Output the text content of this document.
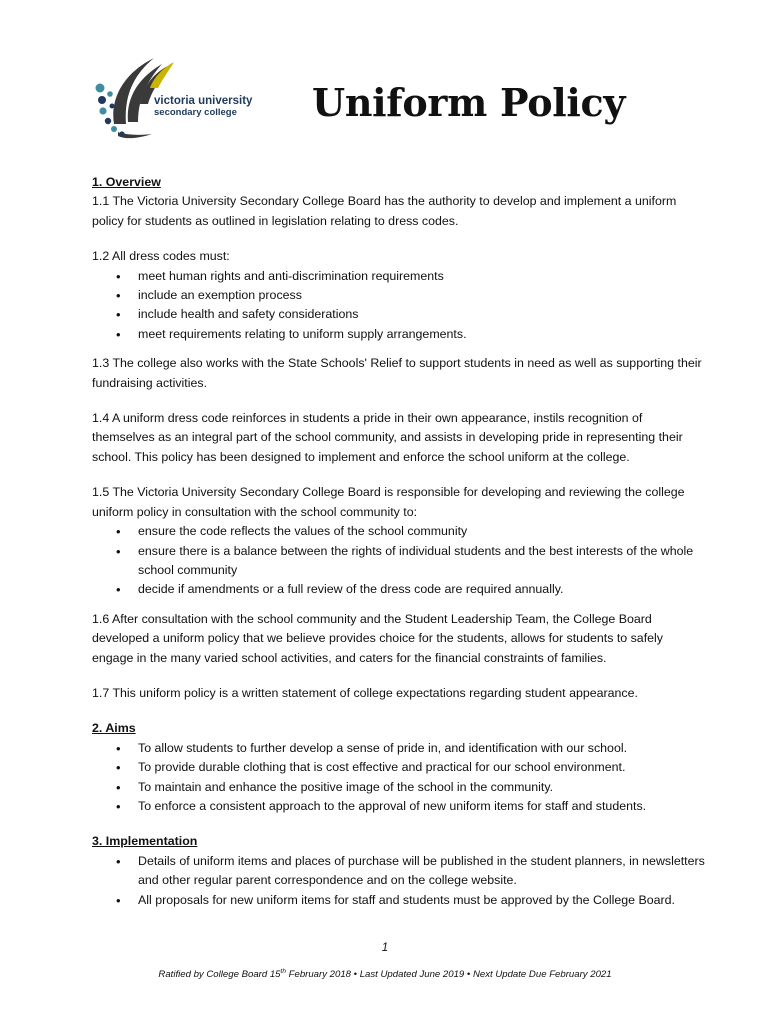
victoria university
secondary college Uniform Policy

1. Overview

1.1 The Victoria University Secondary College Board has the authority to develop and implement a uniform policy for students as outlined in legislation relating to dress codes.

1.2 All dress codes must:

• meet human rights and anti-discrimination requirements
• include an exemption process
• include health and safety considerations
• meet requirements relating to uniform supply arrangements.

1.3 The college also works with the State Schools' Relief to support students in need as well as supporting their fundraising activities.

1.4 A uniform dress code reinforces in students a pride in their own appearance, instils recognition of themselves as an integral part of the school community, and assists in developing pride in representing their school. This policy has been designed to implement and enforce the school uniform at the college.

1.5 The Victoria University Secondary College Board is responsible for developing and reviewing the college uniform policy in consultation with the school community to:

• ensure the code reflects the values of the school community
• ensure there is a balance between the rights of individual students and the best interests of the whole school community
• decide if amendments or a full review of the dress code are required annually.

1.6 After consultation with the school community and the Student Leadership Team, the College Board developed a uniform policy that we believe provides choice for the students, allows for students to safely engage in the many varied school activities, and caters for the financial constraints of families.

1.7 This uniform policy is a written statement of college expectations regarding student appearance.

2. Aims

• To allow students to further develop a sense of pride in, and identification with our school.
• To provide durable clothing that is cost effective and practical for our school environment.
• To maintain and enhance the positive image of the school in the community.
• To enforce a consistent approach to the approval of new uniform items for staff and students.

3. Implementation

• Details of uniform items and places of purchase will be published in the student planners, in newsletters and other regular parent correspondence and on the college website.
• All proposals for new uniform items for staff and students must be approved by the College Board.
1
Ratified by College Board 15th February 2018 • Last Updated June 2019 • Next Update Due February 2021
